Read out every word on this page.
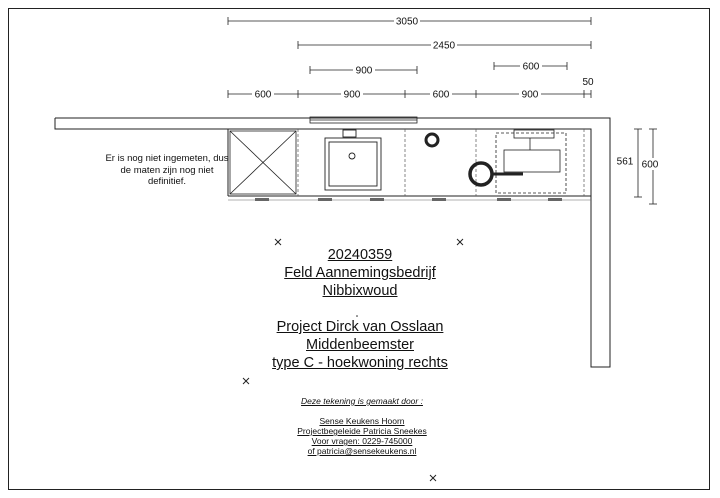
3050
2450
900	600
50
600	900	600	900
561 600
Er is nog niet ingemeten, dus
de maten zijn nog niet
definitief.
20240359
Feld Aannemingsbedrijf
Nibbixwoud
Project Dirck van Osslaan
Middenbeemster
type C - hoekwoning rechts
Deze tekening is gemaakt door :
Sense Keukens Hoorn
Projectbegeleide Patricia Sneekes
Voor vragen: 0229-745000
of patricia@sensekeukens.nl
